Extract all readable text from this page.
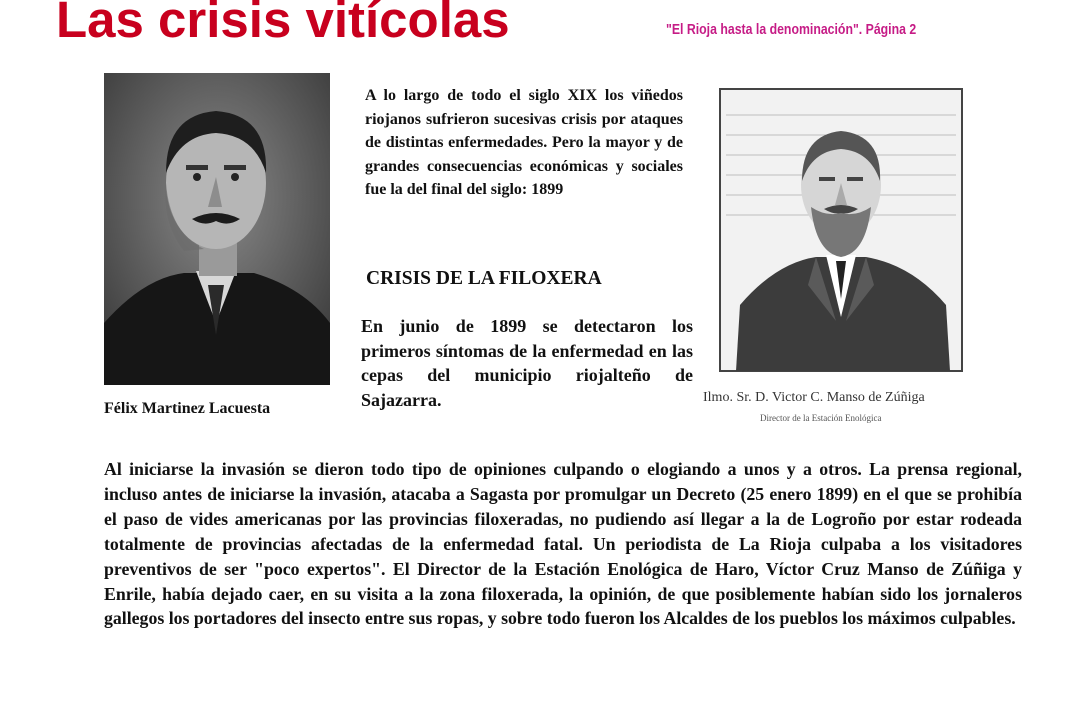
Las crisis vitícolas	"El Rioja hasta la denominación". Página 2
Félix Martinez Lacuesta
A lo largo de todo el siglo XIX los viñedos riojanos sufrieron sucesivas crisis por ataques de distintas enfermedades. Pero la mayor y de grandes consecuencias económicas y sociales fue la del final del siglo: 1899
CRISIS DE LA FILOXERA
En junio de 1899 se detectaron los primeros síntomas de la enfermedad en las cepas del municipio riojalteño de Sajazarra.	Ilmo. Sr. D. Victor C. Manso de Zúñiga
Director de la Estación Enológica
Al iniciarse la invasión se dieron todo tipo de opiniones culpando o elogiando a unos y a otros. La prensa regional, incluso antes de iniciarse la invasión, atacaba a Sagasta por promulgar un Decreto (25 enero 1899) en el que se prohibía el paso de vides americanas por las provincias filoxeradas, no pudiendo así llegar a la de Logroño por estar rodeada totalmente de provincias afectadas de la enfermedad fatal. Un periodista de La Rioja culpaba a los visitadores preventivos de ser "poco expertos". El Director de la Estación Enológica de Haro, Víctor Cruz Manso de Zúñiga y Enrile, había dejado caer, en su visita a la zona filoxerada, la opinión, de que posiblemente habían sido los jornaleros gallegos los portadores del insecto entre sus ropas, y sobre todo fueron los Alcaldes de los pueblos los máximos culpables.
